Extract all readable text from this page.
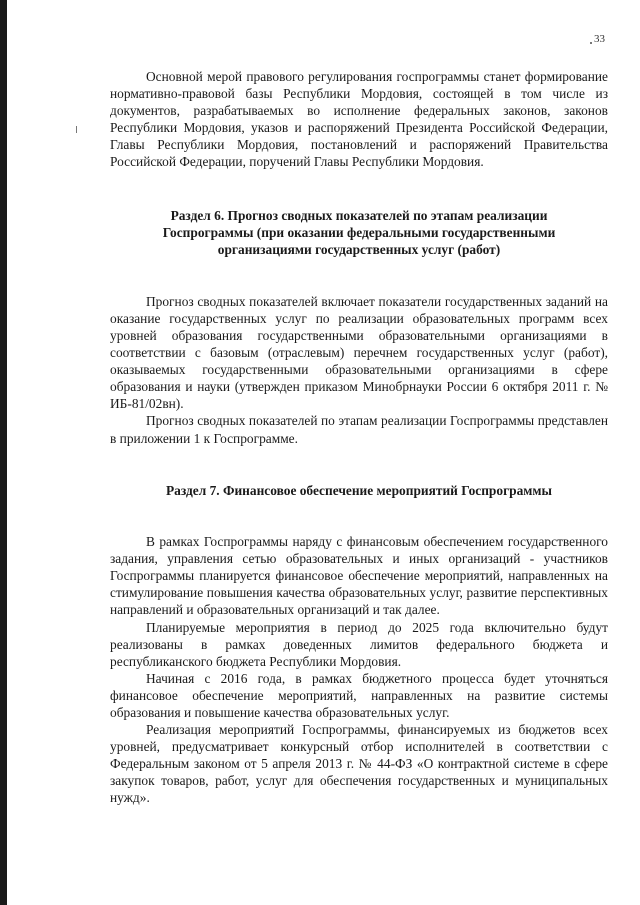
33

Основной мерой правового регулирования госпрограммы станет формирование нормативно-правовой базы Республики Мордовия, состоящей в том числе из документов, разрабатываемых во исполнение федеральных законов, законов Республики Мордовия, указов и распоряжений Президента Российской Федерации, Главы Республики Мордовия, постановлений и распоряжений Правительства Российской Федерации, поручений Главы Республики Мордовия.

Раздел 6. Прогноз сводных показателей по этапам реализации

Госпрограммы (при оказании федеральными государственными

организациями государственных услуг (работ)

Прогноз сводных показателей включает показатели государственных заданий на оказание государственных услуг по реализации образовательных программ всех уровней образования государственными образовательными организациями в соответствии с базовым (отраслевым) перечнем государственных услуг (работ), оказываемых государственными образовательными организациями в сфере образования и науки (утвержден приказом Минобрнауки России 6 октября 2011 г. № ИБ-81/02вн).

Прогноз сводных показателей по этапам реализации Госпрограммы представлен в приложении 1 к Госпрограмме.

Раздел 7. Финансовое обеспечение мероприятий Госпрограммы

В рамках Госпрограммы наряду с финансовым обеспечением государственного задания, управления сетью образовательных и иных организаций - участников Госпрограммы планируется финансовое обеспечение мероприятий, направленных на стимулирование повышения качества образовательных услуг, развитие перспективных направлений и образовательных организаций и так далее.

Планируемые мероприятия в период до 2025 года включительно будут реализованы в рамках доведенных лимитов федерального бюджета и республиканского бюджета Республики Мордовия.

Начиная с 2016 года, в рамках бюджетного процесса будет уточняться финансовое обеспечение мероприятий, направленных на развитие системы образования и повышение качества образовательных услуг.

Реализация мероприятий Госпрограммы, финансируемых из бюджетов всех уровней, предусматривает конкурсный отбор исполнителей в соответствии с Федеральным законом от 5 апреля 2013 г. № 44-ФЗ «О контрактной системе в сфере закупок товаров, работ, услуг для обеспечения государственных и муниципальных нужд».
